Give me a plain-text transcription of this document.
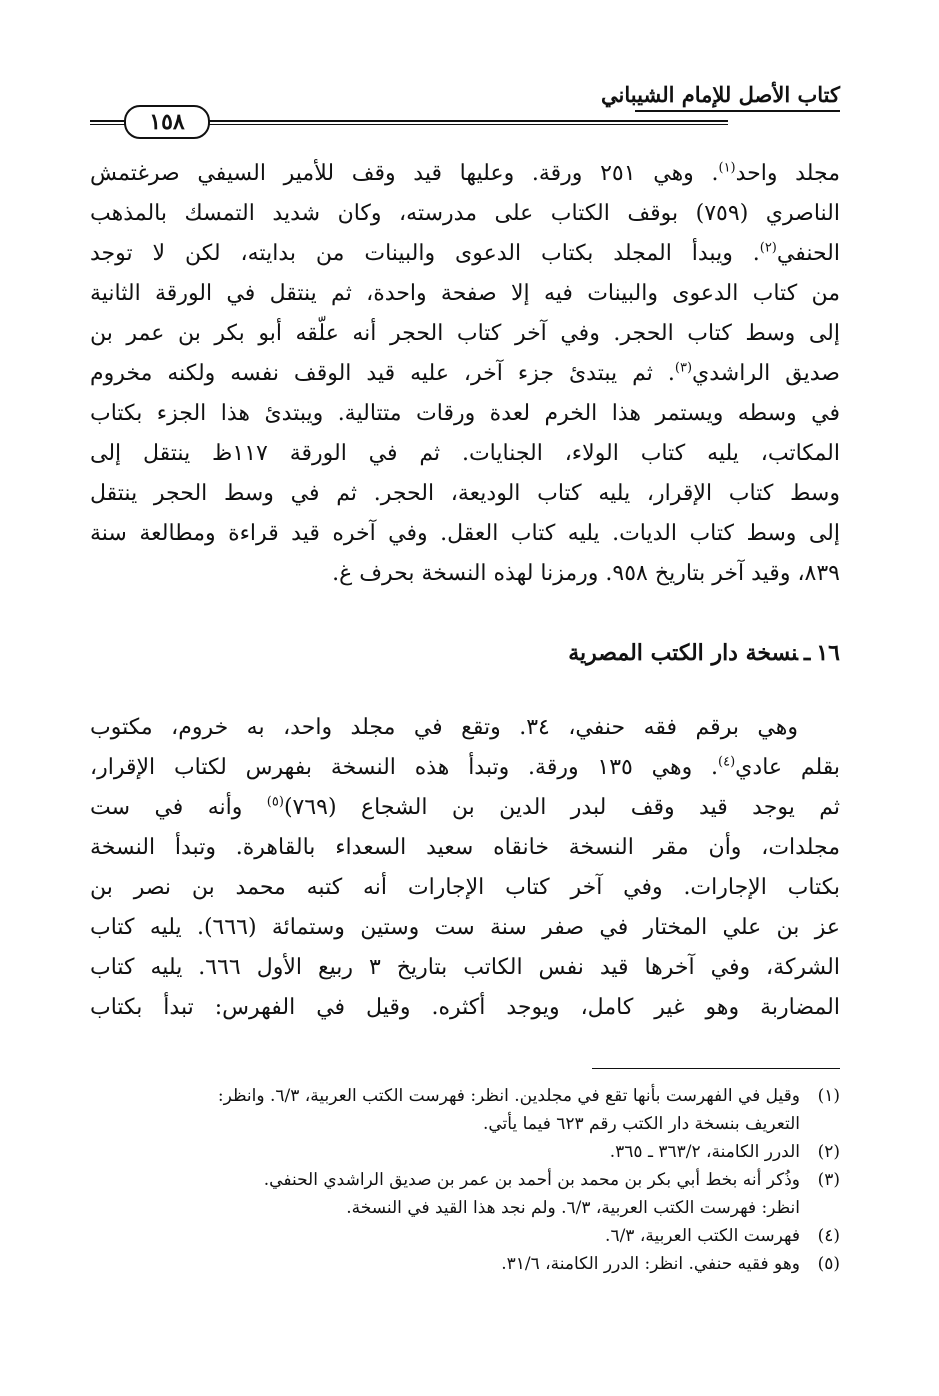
كتاب الأصل للإمام الشيباني
١٥٨
مجلد واحد$^{(١)}$. وهي ٢٥١ ورقة. وعليها قيد وقف للأمير السيفي صرغتمش
الناصري (٧٥٩) بوقف الكتاب على مدرسته، وكان شديد التمسك بالمذهب
الحنفي$^{(٢)}$. ويبدأ المجلد بكتاب الدعوى والبينات من بدايته، لكن لا توجد
من كتاب الدعوى والبينات فيه إلا صفحة واحدة، ثم ينتقل في الورقة الثانية
إلى وسط كتاب الحجر. وفي آخر كتاب الحجر أنه علّقه أبو بكر بن عمر بن
صديق الراشدي$^{(٣)}$. ثم يبتدئ جزء آخر، عليه قيد الوقف نفسه ولكنه مخروم
في وسطه ويستمر هذا الخرم لعدة ورقات متتالية. ويبتدئ هذا الجزء بكتاب
المكاتب، يليه كتاب الولاء، الجنايات. ثم في الورقة ١١٧ظ ينتقل إلى
وسط كتاب الإقرار، يليه كتاب الوديعة، الحجر. ثم في وسط الحجر ينتقل
إلى وسط كتاب الديات. يليه كتاب العقل. وفي آخره قيد قراءة ومطالعة سنة
٨٣٩، وقيد آخر بتاريخ ٩٥٨. ورمزنا لهذه النسخة بحرف غ.
١٦ـنسخة دار الكتب المصرية
وهي برقم فقه حنفي، ٣٤. وتقع في مجلد واحد، به خروم، مكتوب
بقلم عادي$^{(٤)}$. وهي ١٣٥ ورقة. وتبدأ هذه النسخة بفهرس لكتاب الإقرار،
ثم يوجد قيد وقف لبدر الدين بن الشجاع (٧٦٩)$^{(٥)}$ وأنه في ست
مجلدات، وأن مقر النسخة خانقاه سعيد السعداء بالقاهرة. وتبدأ النسخة
بكتاب الإجارات. وفي آخر كتاب الإجارات أنه كتبه محمد بن نصر بن
عز بن علي المختار في صفر سنة ست وستين وستمائة (٦٦٦). يليه كتاب
الشركة، وفي آخرها قيد نفس الكاتب بتاريخ ٣ ربيع الأول ٦٦٦. يليه كتاب
المضاربة وهو غير كامل، ويوجد أكثره. وقيل في الفهرس: تبدأ بكتاب
(١)
وقيل في الفهرست بأنها تقع في مجلدين. انظر: فهرست الكتب العربية، ٦/٣. وانظر:
التعريف بنسخة دار الكتب رقم ٦٢٣ فيما يأتي.
(٢)
الدرر الكامنة، ٣٦٣/٢ ـ ٣٦٥.
(٣)
وذُكر أنه بخط أبي بكر بن محمد بن أحمد بن عمر بن صديق الراشدي الحنفي.
انظر: فهرست الكتب العربية، ٦/٣. ولم نجد هذا القيد في النسخة.
(٤)
فهرست الكتب العربية، ٦/٣.
(٥)
وهو فقيه حنفي. انظر: الدرر الكامنة، ٣١/٦.
